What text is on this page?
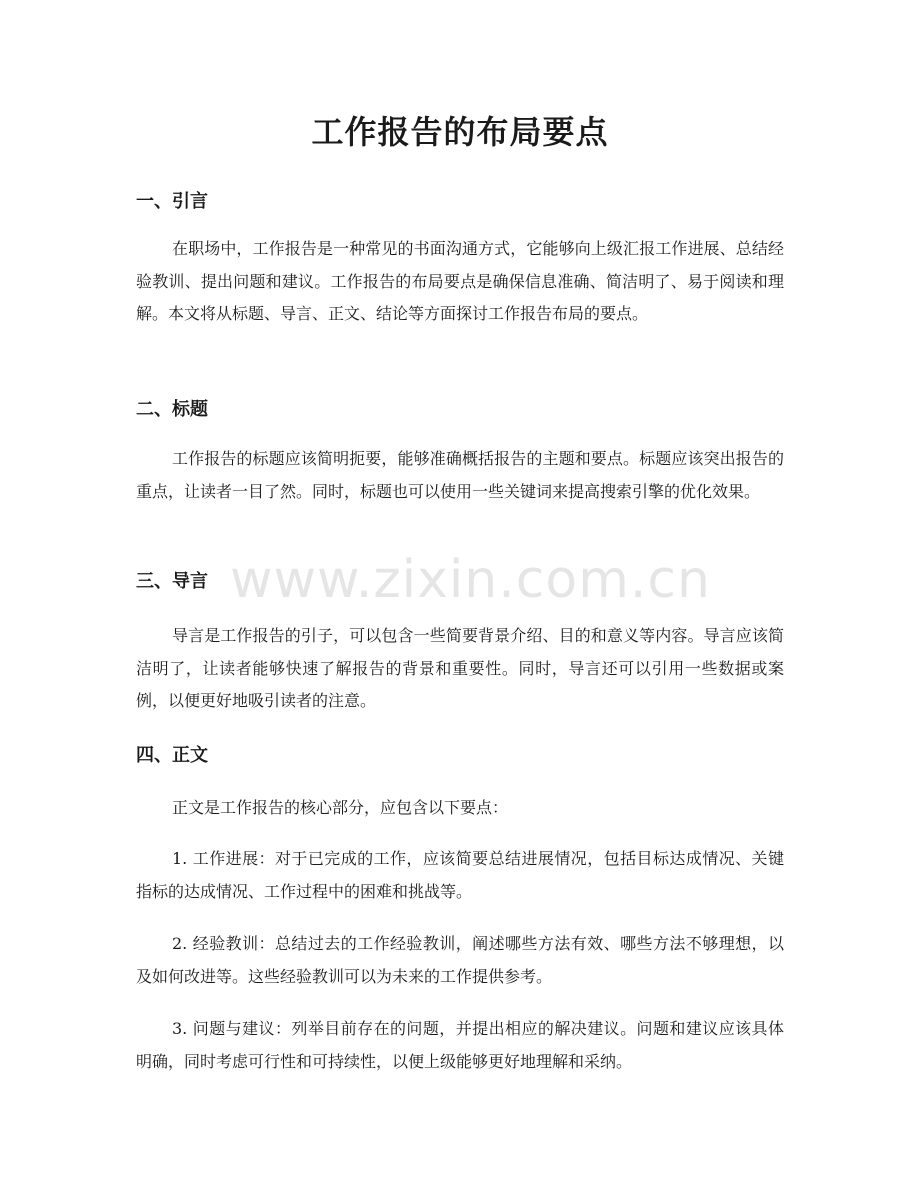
工作报告的布局要点
一、引言

在职场中，工作报告是一种常见的书面沟通方式，它能够向上级汇报工作进展、总结经验教训、提出问题和建议。工作报告的布局要点是确保信息准确、简洁明了、易于阅读和理解。本文将从标题、导言、正文、结论等方面探讨工作报告布局的要点。

二、标题

工作报告的标题应该简明扼要，能够准确概括报告的主题和要点。标题应该突出报告的重点，让读者一目了然。同时，标题也可以使用一些关键词来提高搜索引擎的优化效果。

三、导言

导言是工作报告的引子，可以包含一些简要背景介绍、目的和意义等内容。导言应该简洁明了，让读者能够快速了解报告的背景和重要性。同时，导言还可以引用一些数据或案例，以便更好地吸引读者的注意。

四、正文

正文是工作报告的核心部分，应包含以下要点：

1. 工作进展：对于已完成的工作，应该简要总结进展情况，包括目标达成情况、关键指标的达成情况、工作过程中的困难和挑战等。

2. 经验教训：总结过去的工作经验教训，阐述哪些方法有效、哪些方法不够理想，以及如何改进等。这些经验教训可以为未来的工作提供参考。

3. 问题与建议：列举目前存在的问题，并提出相应的解决建议。问题和建议应该具体明确，同时考虑可行性和可持续性，以便上级能够更好地理解和采纳。

www.zixin.com.cn
